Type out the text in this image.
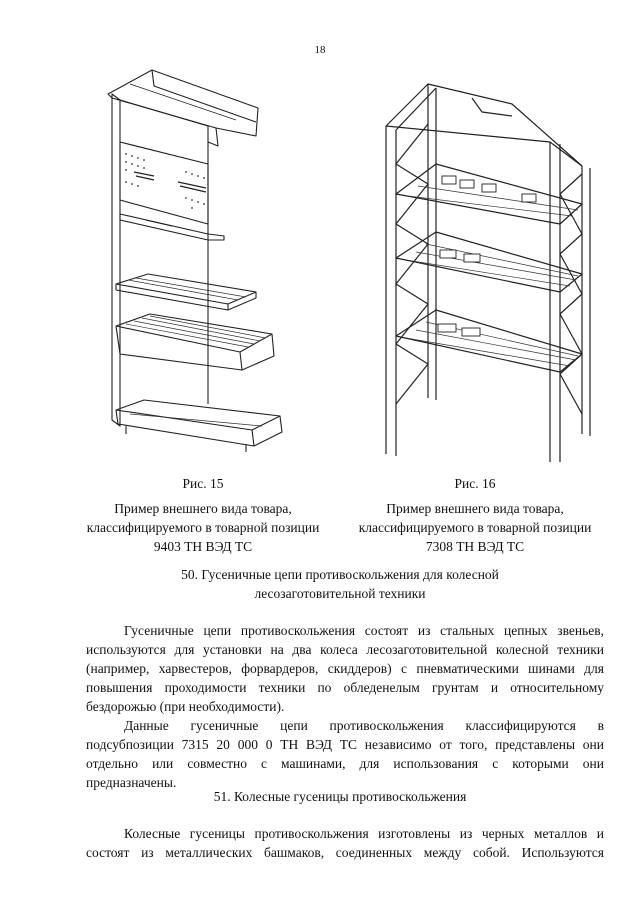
18
Рис. 15
Пример внешнего вида товара,
классифицируемого в товарной позиции
9403 ТН ВЭД ТС
Рис. 16
Пример внешнего вида товара,
классифицируемого в товарной позиции
7308 ТН ВЭД ТС
50. Гусеничные цепи противоскольжения для колесной
лесозаготовительной техники
Гусеничные цепи противоскольжения состоят из стальных цепных звеньев,
используются для установки на два колеса лесозаготовительной колесной техники
(например, харвестеров, форвардеров, скиддеров) с пневматическими шинами для
повышения проходимости техники по обледенелым грунтам и относительному
бездорожью (при необходимости).
Данные гусеничные цепи противоскольжения классифицируются в
подсубпозиции 7315 20 000 0 ТН ВЭД ТС независимо от того, представлены они
отдельно или совместно с машинами, для использования с которыми они
предназначены.
51. Колесные гусеницы противоскольжения
Колесные гусеницы противоскольжения изготовлены из черных металлов и
состоят из металлических башмаков, соединенных между собой. Используются
